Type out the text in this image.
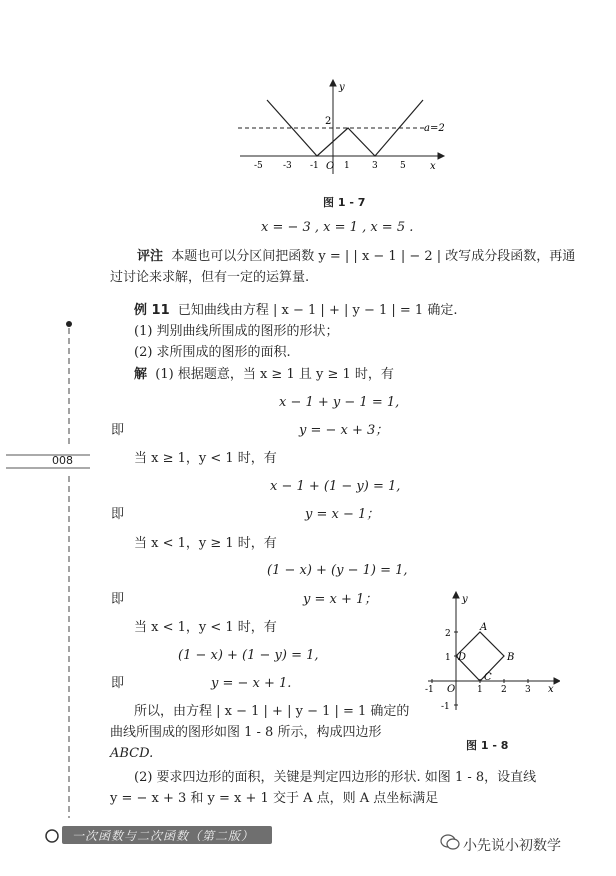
y
a=2
2
O	x
-5 -3 -1	1 3 5
图 1 - 7
x = − 3 , x = 1 , x = 5 .
评注 本题也可以分区间把函数 y = | | x − 1 | − 2 | 改写成分段函数，再通
过讨论来求解，但有一定的运算量.
例 11 已知曲线由方程 | x − 1 | + | y − 1 | = 1 确定.
(1) 判别曲线所围成的图形的形状；
(2) 求所围成的图形的面积.
解 (1) 根据题意，当 x ≥ 1 且 y ≥ 1 时，有
x − 1 + y − 1 = 1,
即	y = − x + 3；
当 x ≥ 1，y < 1 时，有
x − 1 + (1 − y) = 1,
即	y = x − 1；
当 x < 1，y ≥ 1 时，有
(1 − x) + (y − 1) = 1,
即	y = x + 1；
当 x < 1，y < 1 时，有
(1 − x) + (1 − y) = 1,
即	y = − x + 1.
所以，由方程 | x − 1 | + | y − 1 | = 1 确定的
曲线所围成的图形如图 1 - 8 所示，构成四边形
ABCD.
(2) 要求四边形的面积，关键是判定四边形的形状. 如图 1 - 8，设直线
y = − x + 3 和 y = x + 1 交于 A 点，则 A 点坐标满足
y
x
O
A
B
C
D
-1	1 2 3
2
1
-1
图 1 - 8
008
一次函数与二次函数（第二版）
小先说小初数学
